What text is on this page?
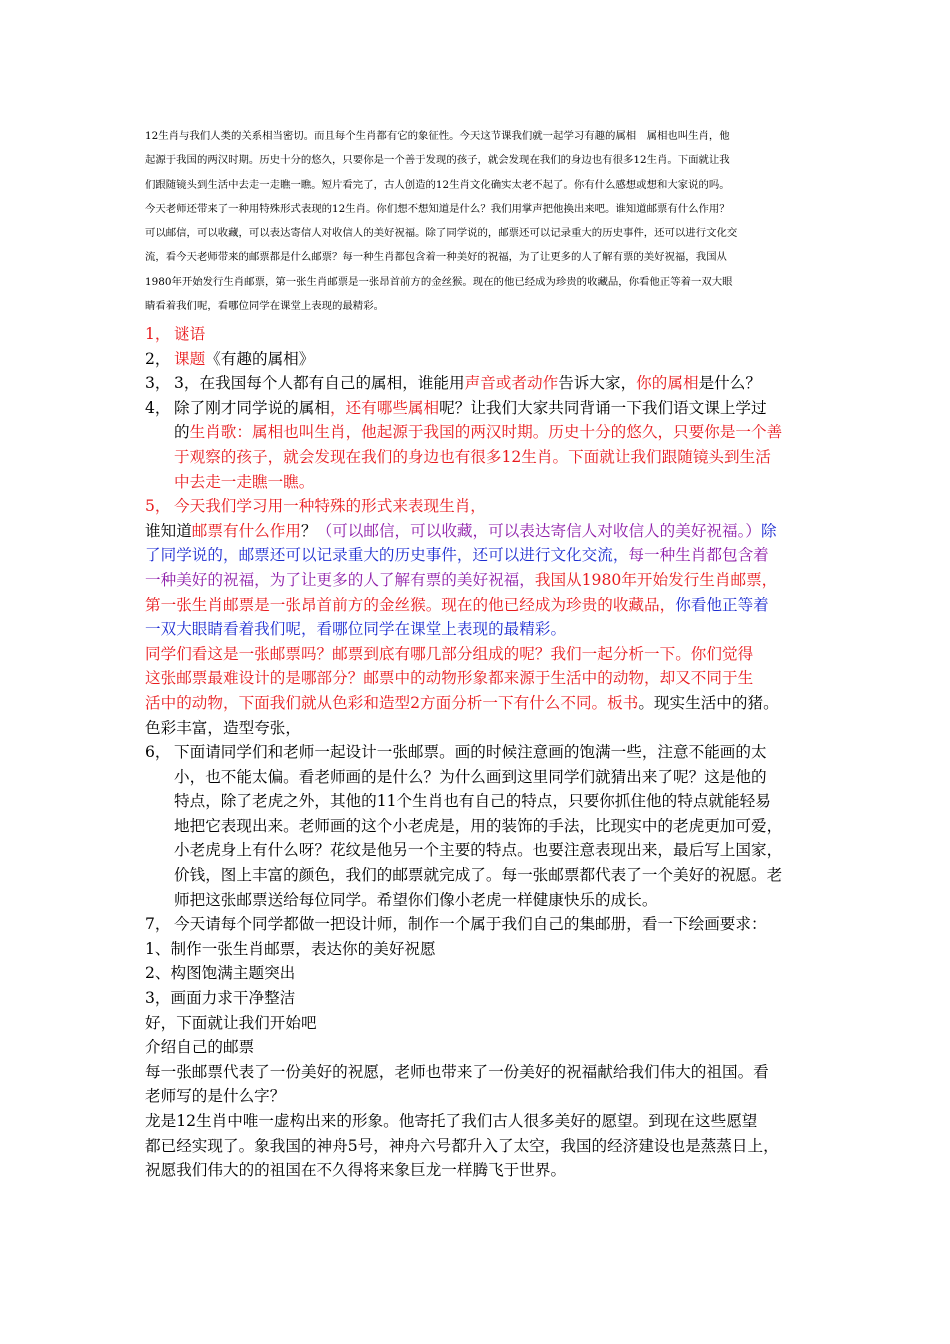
12生肖与我们人类的关系相当密切。而且每个生肖都有它的象征性。今天这节课我们就一起学习有趣的属相　属相也叫生肖，他
起源于我国的两汉时期。历史十分的悠久，只要你是一个善于发现的孩子，就会发现在我们的身边也有很多12生肖。下面就让我
们跟随镜头到生活中去走一走瞧一瞧。短片看完了，古人创造的12生肖文化确实太老不起了。你有什么感想或想和大家说的吗。
今天老师还带来了一种用特殊形式表现的12生肖。你们想不想知道是什么？我们用掌声把他换出来吧。谁知道邮票有什么作用？
可以邮信，可以收藏，可以表达寄信人对收信人的美好祝福。除了同学说的，邮票还可以记录重大的历史事件，还可以进行文化交
流，看今天老师带来的邮票都是什么邮票？每一种生肖都包含着一种美好的祝福，为了让更多的人了解有票的美好祝福，我国从
1980年开始发行生肖邮票，第一张生肖邮票是一张昂首前方的金丝猴。现在的他已经成为珍贵的收藏品，你看他正等着一双大眼
睛看着我们呢，看哪位同学在课堂上表现的最精彩。
1， 谜语
2， 课题《有趣的属相》
3， 3，在我国每个人都有自己的属相，谁能用声音或者动作告诉大家，你的属相是什么？
4， 除了刚才同学说的属相，还有哪些属相呢？让我们大家共同背诵一下我们语文课上学过
的生肖歌：属相也叫生肖，他起源于我国的两汉时期。历史十分的悠久，只要你是一个善
于观察的孩子，就会发现在我们的身边也有很多12生肖。下面就让我们跟随镜头到生活
中去走一走瞧一瞧。
5， 今天我们学习用一种特殊的形式来表现生肖，
谁知道邮票有什么作用？（可以邮信，可以收藏，可以表达寄信人对收信人的美好祝福。）除
了同学说的，邮票还可以记录重大的历史事件，还可以进行文化交流，每一种生肖都包含着
一种美好的祝福，为了让更多的人了解有票的美好祝福，我国从1980年开始发行生肖邮票，
第一张生肖邮票是一张昂首前方的金丝猴。现在的他已经成为珍贵的收藏品，你看他正等着
一双大眼睛看着我们呢，看哪位同学在课堂上表现的最精彩。
同学们看这是一张邮票吗？邮票到底有哪几部分组成的呢？我们一起分析一下。你们觉得
这张邮票最难设计的是哪部分？邮票中的动物形象都来源于生活中的动物，却又不同于生
活中的动物，下面我们就从色彩和造型2方面分析一下有什么不同。板书。现实生活中的猪。
色彩丰富，造型夸张，
6， 下面请同学们和老师一起设计一张邮票。画的时候注意画的饱满一些，注意不能画的太
小，也不能太偏。看老师画的是什么？为什么画到这里同学们就猜出来了呢？这是他的
特点，除了老虎之外，其他的11个生肖也有自己的特点，只要你抓住他的特点就能轻易
地把它表现出来。老师画的这个小老虎是，用的装饰的手法，比现实中的老虎更加可爱，
小老虎身上有什么呀？花纹是他另一个主要的特点。也要注意表现出来，最后写上国家，
价钱，图上丰富的颜色，我们的邮票就完成了。每一张邮票都代表了一个美好的祝愿。老
师把这张邮票送给每位同学。希望你们像小老虎一样健康快乐的成长。
7， 今天请每个同学都做一把设计师，制作一个属于我们自己的集邮册，看一下绘画要求：
1、制作一张生肖邮票，表达你的美好祝愿
2、构图饱满主题突出
3，画面力求干净整洁
好，下面就让我们开始吧
介绍自己的邮票
每一张邮票代表了一份美好的祝愿，老师也带来了一份美好的祝福献给我们伟大的祖国。看
老师写的是什么字？
龙是12生肖中唯一虚构出来的形象。他寄托了我们古人很多美好的愿望。到现在这些愿望
都已经实现了。象我国的神舟5号，神舟六号都升入了太空，我国的经济建设也是蒸蒸日上，
祝愿我们伟大的的祖国在不久得将来象巨龙一样腾飞于世界。
